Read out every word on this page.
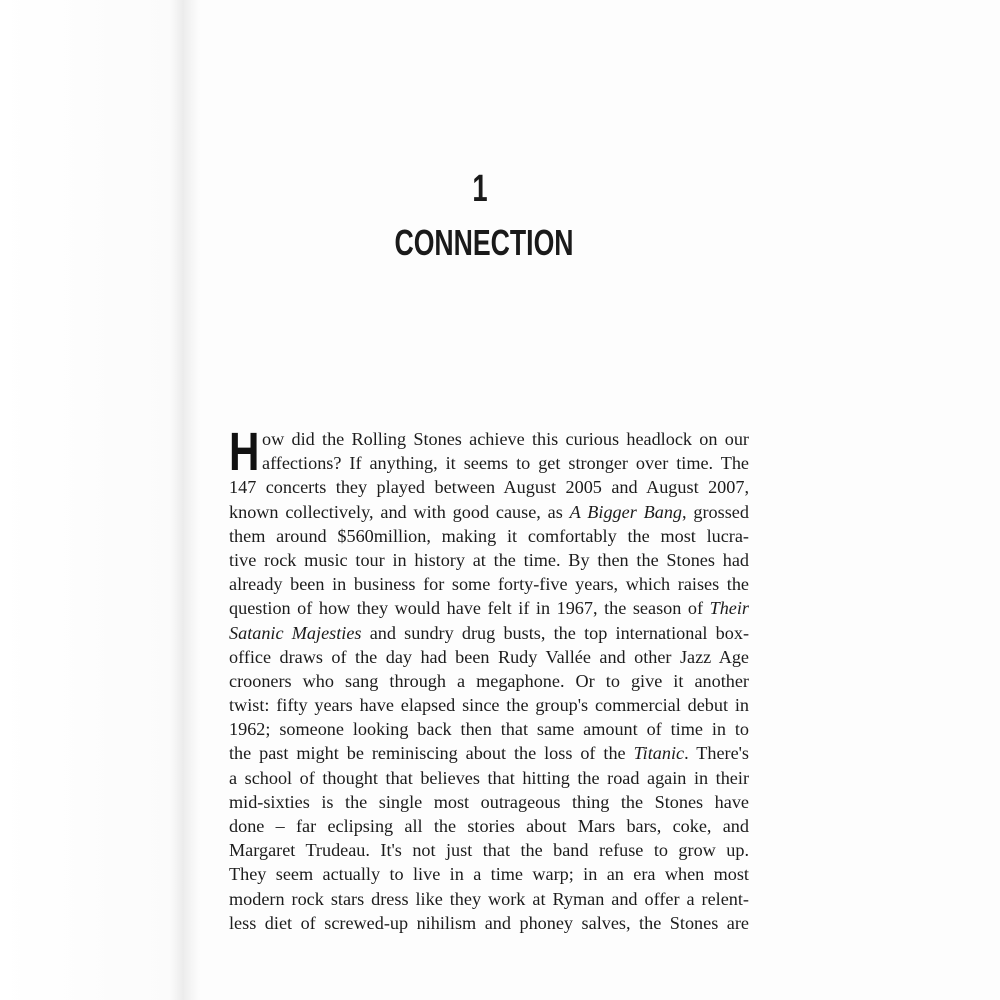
1
CONNECTION
H ow did the Rolling Stones achieve this curious headlock on our
affections? If anything, it seems to get stronger over time. The
147 concerts they played between August 2005 and August 2007,
known collectively, and with good cause, as A Bigger Bang, grossed
them around $560million, making it comfortably the most lucra-
tive rock music tour in history at the time. By then the Stones had
already been in business for some forty-five years, which raises the
question of how they would have felt if in 1967, the season of Their
Satanic Majesties and sundry drug busts, the top international box-
office draws of the day had been Rudy Vallée and other Jazz Age
crooners who sang through a megaphone. Or to give it another
twist: fifty years have elapsed since the group's commercial debut in
1962; someone looking back then that same amount of time in to
the past might be reminiscing about the loss of the Titanic. There's
a school of thought that believes that hitting the road again in their
mid-sixties is the single most outrageous thing the Stones have
done – far eclipsing all the stories about Mars bars, coke, and
Margaret Trudeau. It's not just that the band refuse to grow up.
They seem actually to live in a time warp; in an era when most
modern rock stars dress like they work at Ryman and offer a relent-
less diet of screwed-up nihilism and phoney salves, the Stones are
